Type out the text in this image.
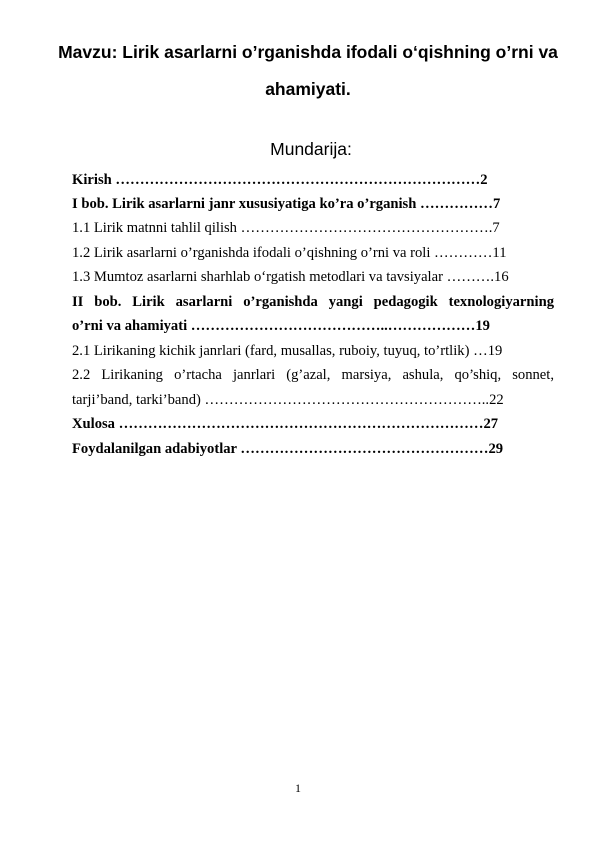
Mavzu: Lirik asarlarni o’rganishda ifodali o‘qishning o’rni va

ahamiyati.

Mundarija:

Kirish …………………………………………………………………2

I bob. Lirik asarlarni janr xususiyatiga ko’ra o’rganish ……………7

1.1 Lirik matnni tahlil qilish …………………………………………….7

1.2 Lirik asarlarni o’rganishda ifodali o’qishning o’rni va roli …………11

1.3 Mumtoz asarlarni sharhlab o‘rgatish metodlari va tavsiyalar ……….16

II bob. Lirik asarlarni o’rganishda yangi pedagogik texnologiyarning

o’rni va ahamiyati …………………………………..………………19

2.1 Lirikaning kichik janrlari (fard, musallas, ruboiy, tuyuq, to’rtlik) …19

2.2 Lirikaning o’rtacha janrlari (g’azal, marsiya, ashula, qo’shiq, sonnet,

tarji’band, tarki’band) …………………………………………………..22

Xulosa …………………………………………………………………27

Foydalanilgan adabiyotlar ……………………………………………29

1
